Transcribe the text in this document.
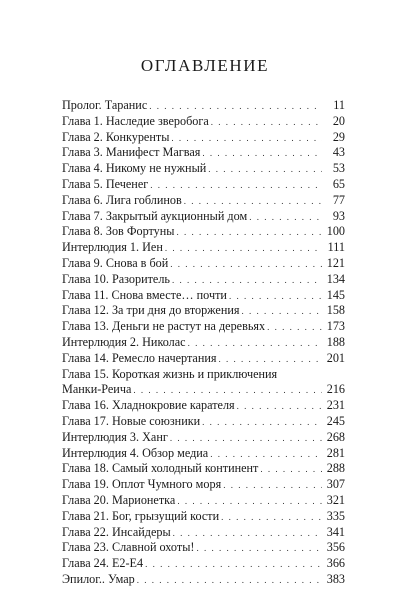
ОГЛАВЛЕНИЕ
Пролог. Таранис . . .	11
Глава 1. Наследие зверобога . . .	20
Глава 2. Конкуренты . . .	29
Глава 3. Манифест Магвая . . .	43
Глава 4. Никому не нужный . . .	53
Глава 5. Печенег . . .	65
Глава 6. Лига гоблинов . . .	77
Глава 7. Закрытый аукционный дом . . .	93
Глава 8. Зов Фортуны . . .	100
Интерлюдия 1. Иен . . .	111
Глава 9. Снова в бой . . .	121
Глава 10. Разоритель . . .	134
Глава 11. Снова вместе… почти . . .	145
Глава 12. За три дня до вторжения . . .	158
Глава 13. Деньги не растут на деревьях . . .	173
Интерлюдия 2. Николас . . .	188
Глава 14. Ремесло начертания . . .	201
Глава 15. Короткая жизнь и приключения
Манки-Реича . . .	216
Глава 16. Хладнокровие карателя . . .	231
Глава 17. Новые союзники . . .	245
Интерлюдия 3. Ханг . . .	268
Интерлюдия 4. Обзор медиа . . .	281
Глава 18. Самый холодный континент . . .	288
Глава 19. Оплот Чумного моря . . .	307
Глава 20. Марионетка . . .	321
Глава 21. Бог, грызущий кости . . .	335
Глава 22. Инсайдеры . . .	341
Глава 23. Славной охоты! . . .	356
Глава 24. E2-E4 . . .	366
Эпилог.. Умар . . .	383
